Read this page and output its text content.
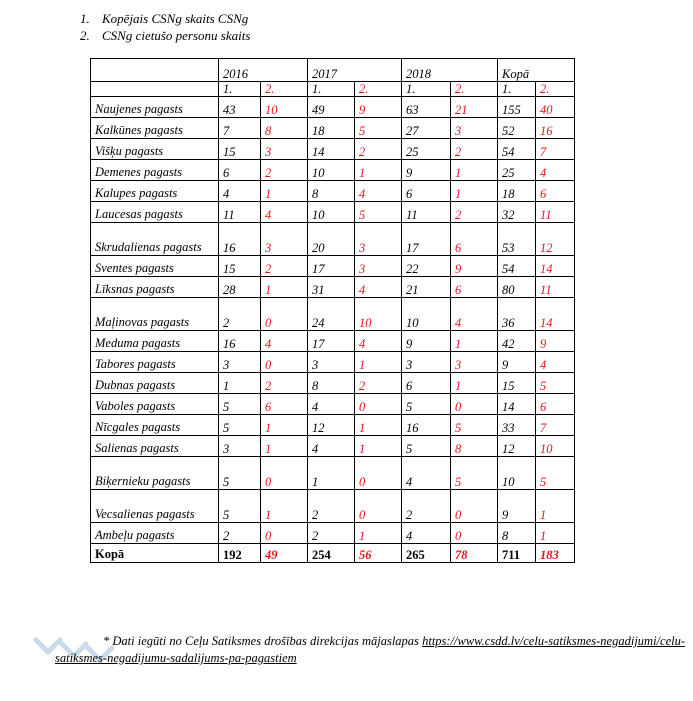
1. Kopējais CSNg skaits CSNg
2. CSNg cietušo personu skaits
	2016		2017		2018		Kopā	
	1.	2.	1.	2.	1.	2.	1.	2.
Naujenes pagasts	43	10	49	9	63	21	155	40
Kalkūnes pagasts	7	8	18	5	27	3	52	16
Višķu pagasts	15	3	14	2	25	2	54	7
Demenes pagasts	6	2	10	1	9	1	25	4
Kalupes pagasts	4	1	8	4	6	1	18	6
Laucesas pagasts	11	4	10	5	11	2	32	11
Skrudalienas pagasts	16	3	20	3	17	6	53	12
Sventes pagasts	15	2	17	3	22	9	54	14
Līksnas pagasts	28	1	31	4	21	6	80	11
Maļinovas pagasts	2	0	24	10	10	4	36	14
Meduma pagasts	16	4	17	4	9	1	42	9
Tabores pagasts	3	0	3	1	3	3	9	4
Dubnas pagasts	1	2	8	2	6	1	15	5
Vaboles pagasts	5	6	4	0	5	0	14	6
Nīcgales pagasts	5	1	12	1	16	5	33	7
Salienas pagasts	3	1	4	1	5	8	12	10
Biķernieku pagasts	5	0	1	0	4	5	10	5
Vecsalienas pagasts	5	1	2	0	2	0	9	1
Ambeļu pagasts	2	0	2	1	4	0	8	1
Kopā	192	49	254	56	265	78	711	183
* Dati iegūti no Ceļu Satiksmes drošības direkcijas mājaslapas https://www.csdd.lv/celu-satiksmes-negadijumi/celu-satiksmes-negadijumu-sadalijums-pa-pagastiem
